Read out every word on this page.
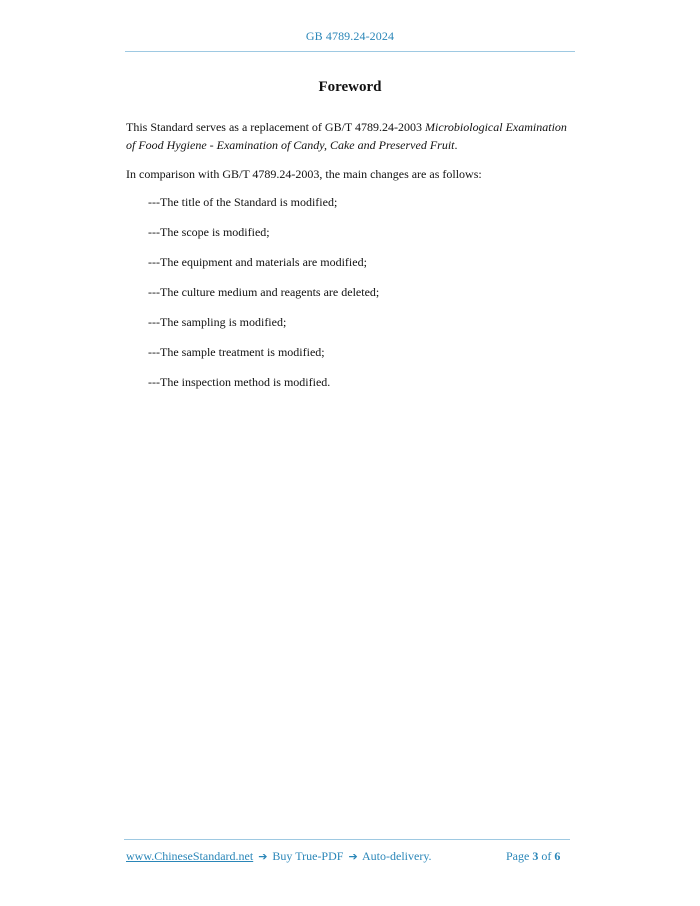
GB 4789.24-2024
Foreword

This Standard serves as a replacement of GB/T 4789.24-2003 Microbiological Examination of Food Hygiene - Examination of Candy, Cake and Preserved Fruit.

In comparison with GB/T 4789.24-2003, the main changes are as follows:

---The title of the Standard is modified;
---The scope is modified;
---The equipment and materials are modified;
---The culture medium and reagents are deleted;
---The sampling is modified;
---The sample treatment is modified;
---The inspection method is modified.
www.ChineseStandard.net ➔ Buy True-PDF ➔ Auto-delivery.	Page 3 of 6
